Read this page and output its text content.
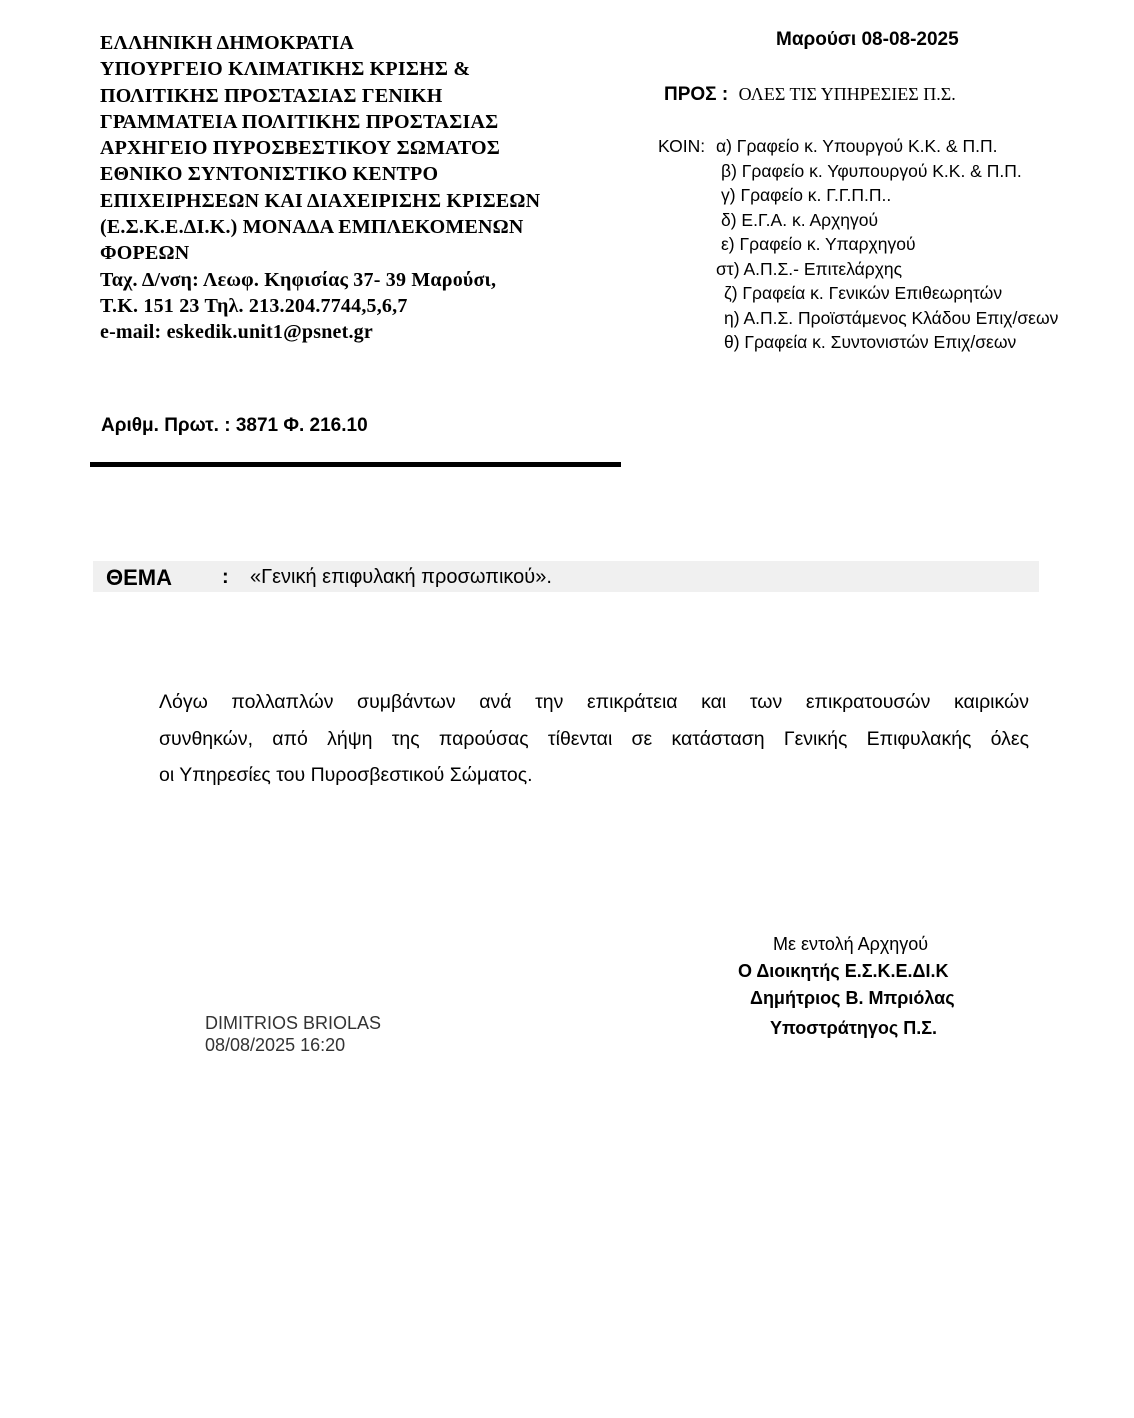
ΕΛΛΗΝΙΚΗ ΔΗΜΟΚΡΑΤΙΑ
ΥΠΟΥΡΓΕΙΟ ΚΛΙΜΑΤΙΚΗΣ ΚΡΙΣΗΣ &
ΠΟΛΙΤΙΚΗΣ ΠΡΟΣΤΑΣΙΑΣ ΓΕΝΙΚΗ
ΓΡΑΜΜΑΤΕΙΑ ΠΟΛΙΤΙΚΗΣ ΠΡΟΣΤΑΣΙΑΣ
ΑΡΧΗΓΕΙΟ ΠΥΡΟΣΒΕΣΤΙΚΟΥ ΣΩΜΑΤΟΣ
ΕΘΝΙΚΟ ΣΥΝΤΟΝΙΣΤΙΚΟ ΚΕΝΤΡΟ
ΕΠΙΧΕΙΡΗΣΕΩΝ ΚΑΙ ΔΙΑΧΕΙΡΙΣΗΣ ΚΡΙΣΕΩΝ
(Ε.Σ.Κ.Ε.ΔΙ.Κ.) ΜΟΝΑΔΑ ΕΜΠΛΕΚΟΜΕΝΩΝ
ΦΟΡΕΩΝ
Ταχ. Δ/νση: Λεωφ. Κηφισίας 37- 39 Μαρούσι,
Τ.Κ. 151 23 Τηλ. 213.204.7744,5,6,7
e-mail: eskedik.unit1@psnet.gr
Μαρούσι 08-08-2025
ΠΡΟΣ : ΟΛΕΣ ΤΙΣ ΥΠΗΡΕΣΙΕΣ Π.Σ.
ΚΟΙΝ: α) Γραφείο κ. Υπουργού Κ.Κ. & Π.Π.
β) Γραφείο κ. Υφυπουργού Κ.Κ. & Π.Π.
γ) Γραφείο κ. Γ.Γ.Π.Π..
δ) Ε.Γ.Α. κ. Αρχηγού
ε) Γραφείο κ. Υπαρχηγού
στ) Α.Π.Σ.- Επιτελάρχης
ζ) Γραφεία κ. Γενικών Επιθεωρητών
η) Α.Π.Σ. Προϊστάμενος Κλάδου Επιχ/σεων
θ) Γραφεία κ. Συντονιστών Επιχ/σεων
Αριθμ. Πρωτ. : 3871 Φ. 216.10
ΘΕΜΑ	: «Γενική επιφυλακή προσωπικού».
Λόγω πολλαπλών συμβάντων ανά την επικράτεια και των επικρατουσών καιρικών
συνθηκών, από λήψη της παρούσας τίθενται σε κατάσταση Γενικής Επιφυλακής όλες
οι Υπηρεσίες του Πυροσβεστικού Σώματος.
DIMITRIOS BRIOLAS
08/08/2025 16:20
Με εντολή Αρχηγού
Ο Διοικητής Ε.Σ.Κ.Ε.ΔΙ.Κ
Δημήτριος Β. Μπριόλας
Υποστράτηγος Π.Σ.
